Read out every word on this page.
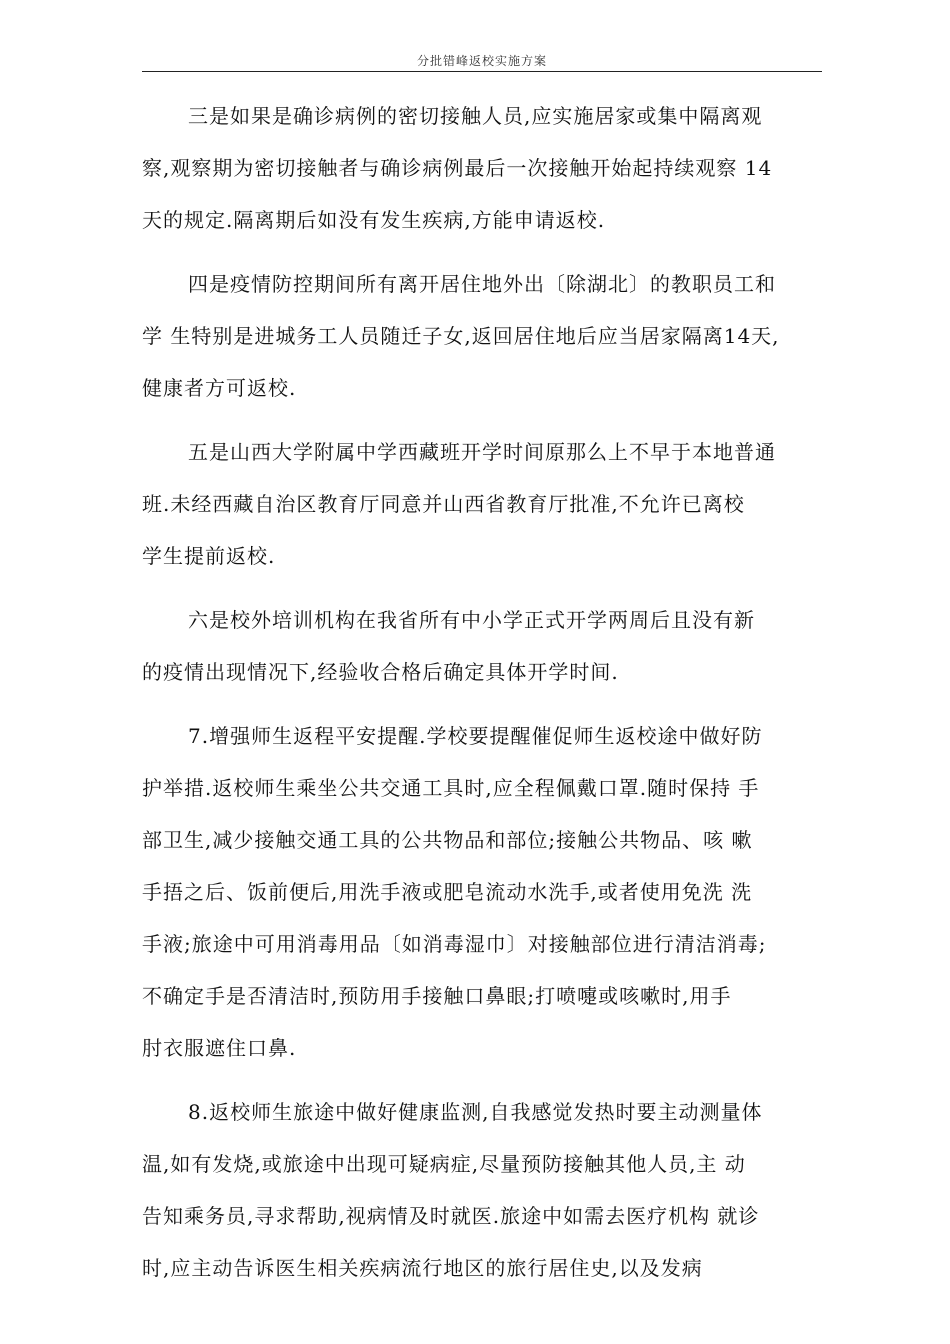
分批错峰返校实施方案
三是如果是确诊病例的密切接触人员,应实施居家或集中隔离观
察,观察期为密切接触者与确诊病例最后一次接触开始起持续观察 14
天的规定.隔离期后如没有发生疾病,方能申请返校.
四是疫情防控期间所有离开居住地外出〔除湖北〕的教职员工和
学 生特别是进城务工人员随迁子女,返回居住地后应当居家隔离14天,
健康者方可返校.
五是山西大学附属中学西藏班开学时间原那么上不早于本地普通
班.未经西藏自治区教育厅同意并山西省教育厅批准,不允许已离校
学生提前返校.
六是校外培训机构在我省所有中小学正式开学两周后且没有新
的疫情出现情况下,经验收合格后确定具体开学时间.
7.增强师生返程平安提醒.学校要提醒催促师生返校途中做好防
护举措.返校师生乘坐公共交通工具时,应全程佩戴口罩.随时保持 手
部卫生,减少接触交通工具的公共物品和部位;接触公共物品、咳 嗽
手捂之后、饭前便后,用洗手液或肥皂流动水洗手,或者使用免洗 洗
手液;旅途中可用消毒用品〔如消毒湿巾〕对接触部位进行清洁消毒;
不确定手是否清洁时,预防用手接触口鼻眼;打喷嚏或咳嗽时,用手
肘衣服遮住口鼻.
8.返校师生旅途中做好健康监测,自我感觉发热时要主动测量体
温,如有发烧,或旅途中出现可疑病症,尽量预防接触其他人员,主 动
告知乘务员,寻求帮助,视病情及时就医.旅途中如需去医疗机构 就诊
时,应主动告诉医生相关疾病流行地区的旅行居住史,以及发病
